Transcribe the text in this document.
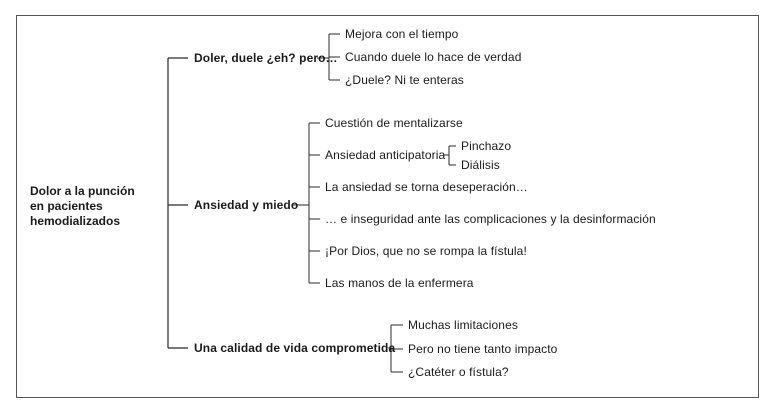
Dolor a la punción
en pacientes
hemodializados
Doler, duele ¿eh? pero…
Ansiedad y miedo
Una calidad de vida comprometida
Mejora con el tiempo
Cuando duele lo hace de verdad
¿Duele? Ni te enteras
Cuestión de mentalizarse
Ansiedad anticipatoria
Pinchazo
Diálisis
La ansiedad se torna deseperación…
… e inseguridad ante las complicaciones y la desinformación
¡Por Dios, que no se rompa la fístula!
Las manos de la enfermera
Muchas limitaciones
Pero no tiene tanto impacto
¿Catéter o fístula?
